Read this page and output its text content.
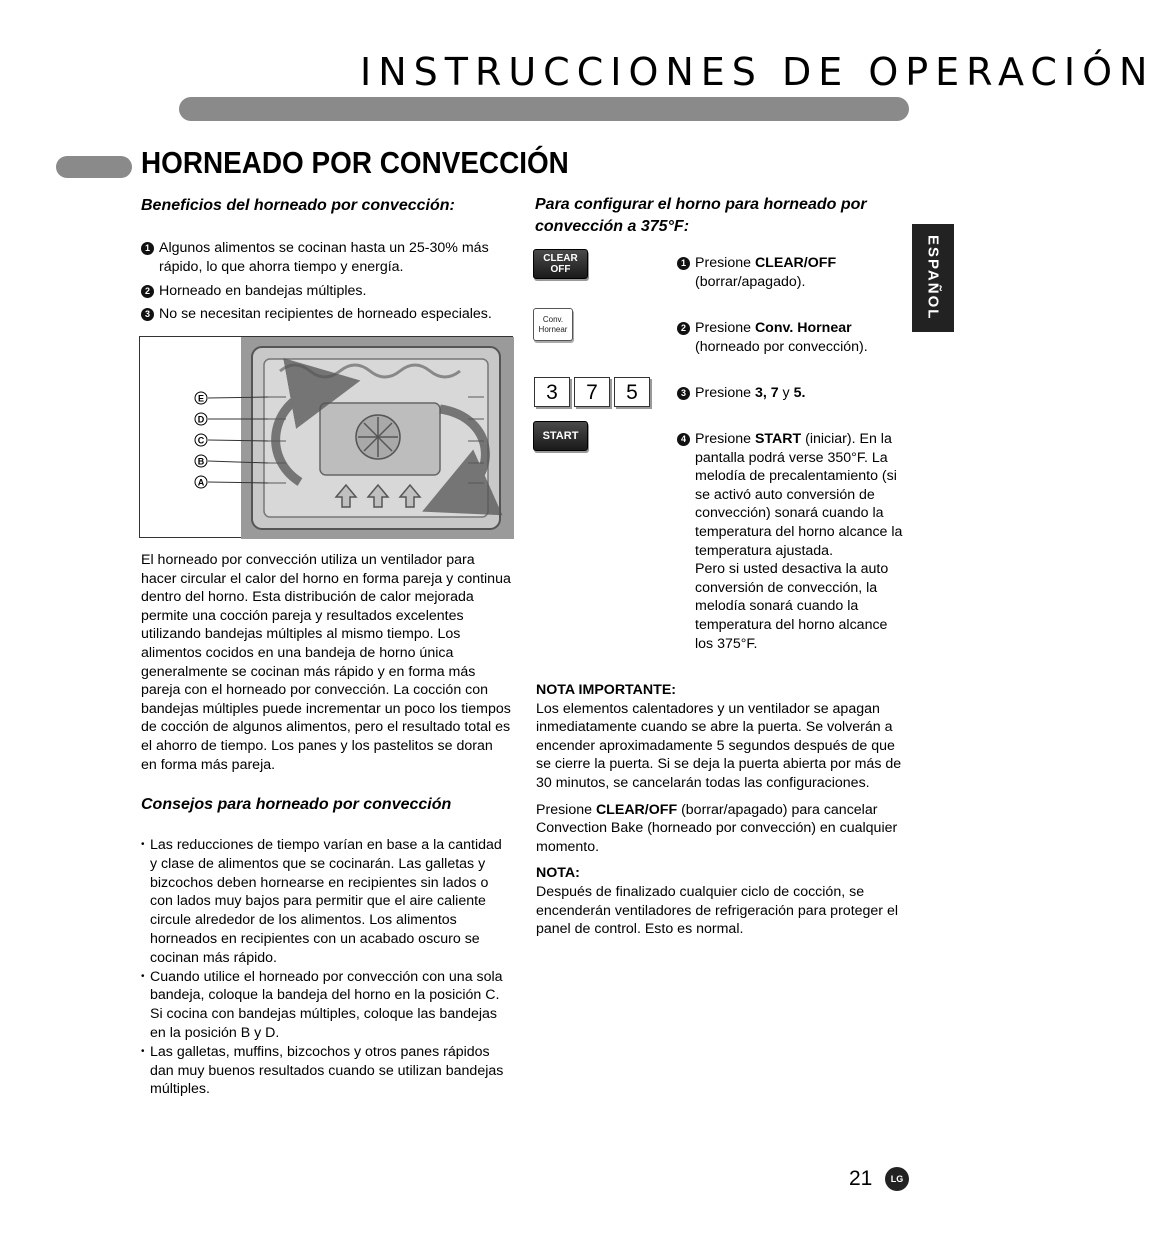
INSTRUCCIONES DE OPERACIÓN
HORNEADO POR CONVECCIÓN
ESPAÑOL
Beneficios del horneado por convección:
1 Algunos alimentos se cocinan hasta un 25-30% más rápido, lo que ahorra tiempo y energía.
2 Horneado en bandejas múltiples.
3 No se necesitan recipientes de horneado especiales.
E
D
C
B
A
El horneado por convección utiliza un ventilador para hacer circular el calor del horno en forma pareja y continua dentro del horno. Esta distribución de calor mejorada permite una cocción pareja y resultados excelentes utilizando bandejas múltiples al mismo tiempo. Los alimentos cocidos en una bandeja de horno única generalmente se cocinan más rápido y en forma más pareja con el horneado por convección. La cocción con bandejas múltiples puede incrementar un poco los tiempos de cocción de algunos alimentos, pero el resultado total es el ahorro de tiempo. Los panes y los pastelitos se doran en forma más pareja.
Consejos para horneado por convección
• Las reducciones de tiempo varían en base a la cantidad y clase de alimentos que se cocinarán. Las galletas y bizcochos deben hornearse en recipientes sin lados o con lados muy bajos para permitir que el aire caliente circule alrededor de los alimentos. Los alimentos horneados en recipientes con un acabado oscuro se cocinan más rápido.
• Cuando utilice el horneado por convección con una sola bandeja, coloque la bandeja del horno en la posición C. Si cocina con bandejas múltiples, coloque las bandejas en la posición B y D.
• Las galletas, muffins, bizcochos y otros panes rápidos dan muy buenos resultados cuando se utilizan bandejas múltiples.
Para configurar el horno para horneado por convección a 375°F:
CLEAR
OFF
Conv.
Hornear
3 7 5
START
1 Presione CLEAR/OFF (borrar/apagado).
2 Presione Conv. Hornear (horneado por convección).
3 Presione 3, 7 y 5.
4 Presione START (iniciar). En la pantalla podrá verse 350°F. La melodía de precalentamiento (si se activó auto conversión de convección) sonará cuando la temperatura del horno alcance la temperatura ajustada.
Pero si usted desactiva la auto conversión de convección, la melodía sonará cuando la temperatura del horno alcance los 375°F.

NOTA IMPORTANTE:

Los elementos calentadores y un ventilador se apagan inmediatamente cuando se abre la puerta. Se volverán a encender aproximadamente 5 segundos después de que se cierre la puerta. Si se deja la puerta abierta por más de 30 minutos, se cancelarán todas las configuraciones.

Presione CLEAR/OFF (borrar/apagado) para cancelar Convection Bake (horneado por convección) en cualquier momento.

NOTA:

Después de finalizado cualquier ciclo de cocción, se encenderán ventiladores de refrigeración para proteger el panel de control. Esto es normal.

21	LG
